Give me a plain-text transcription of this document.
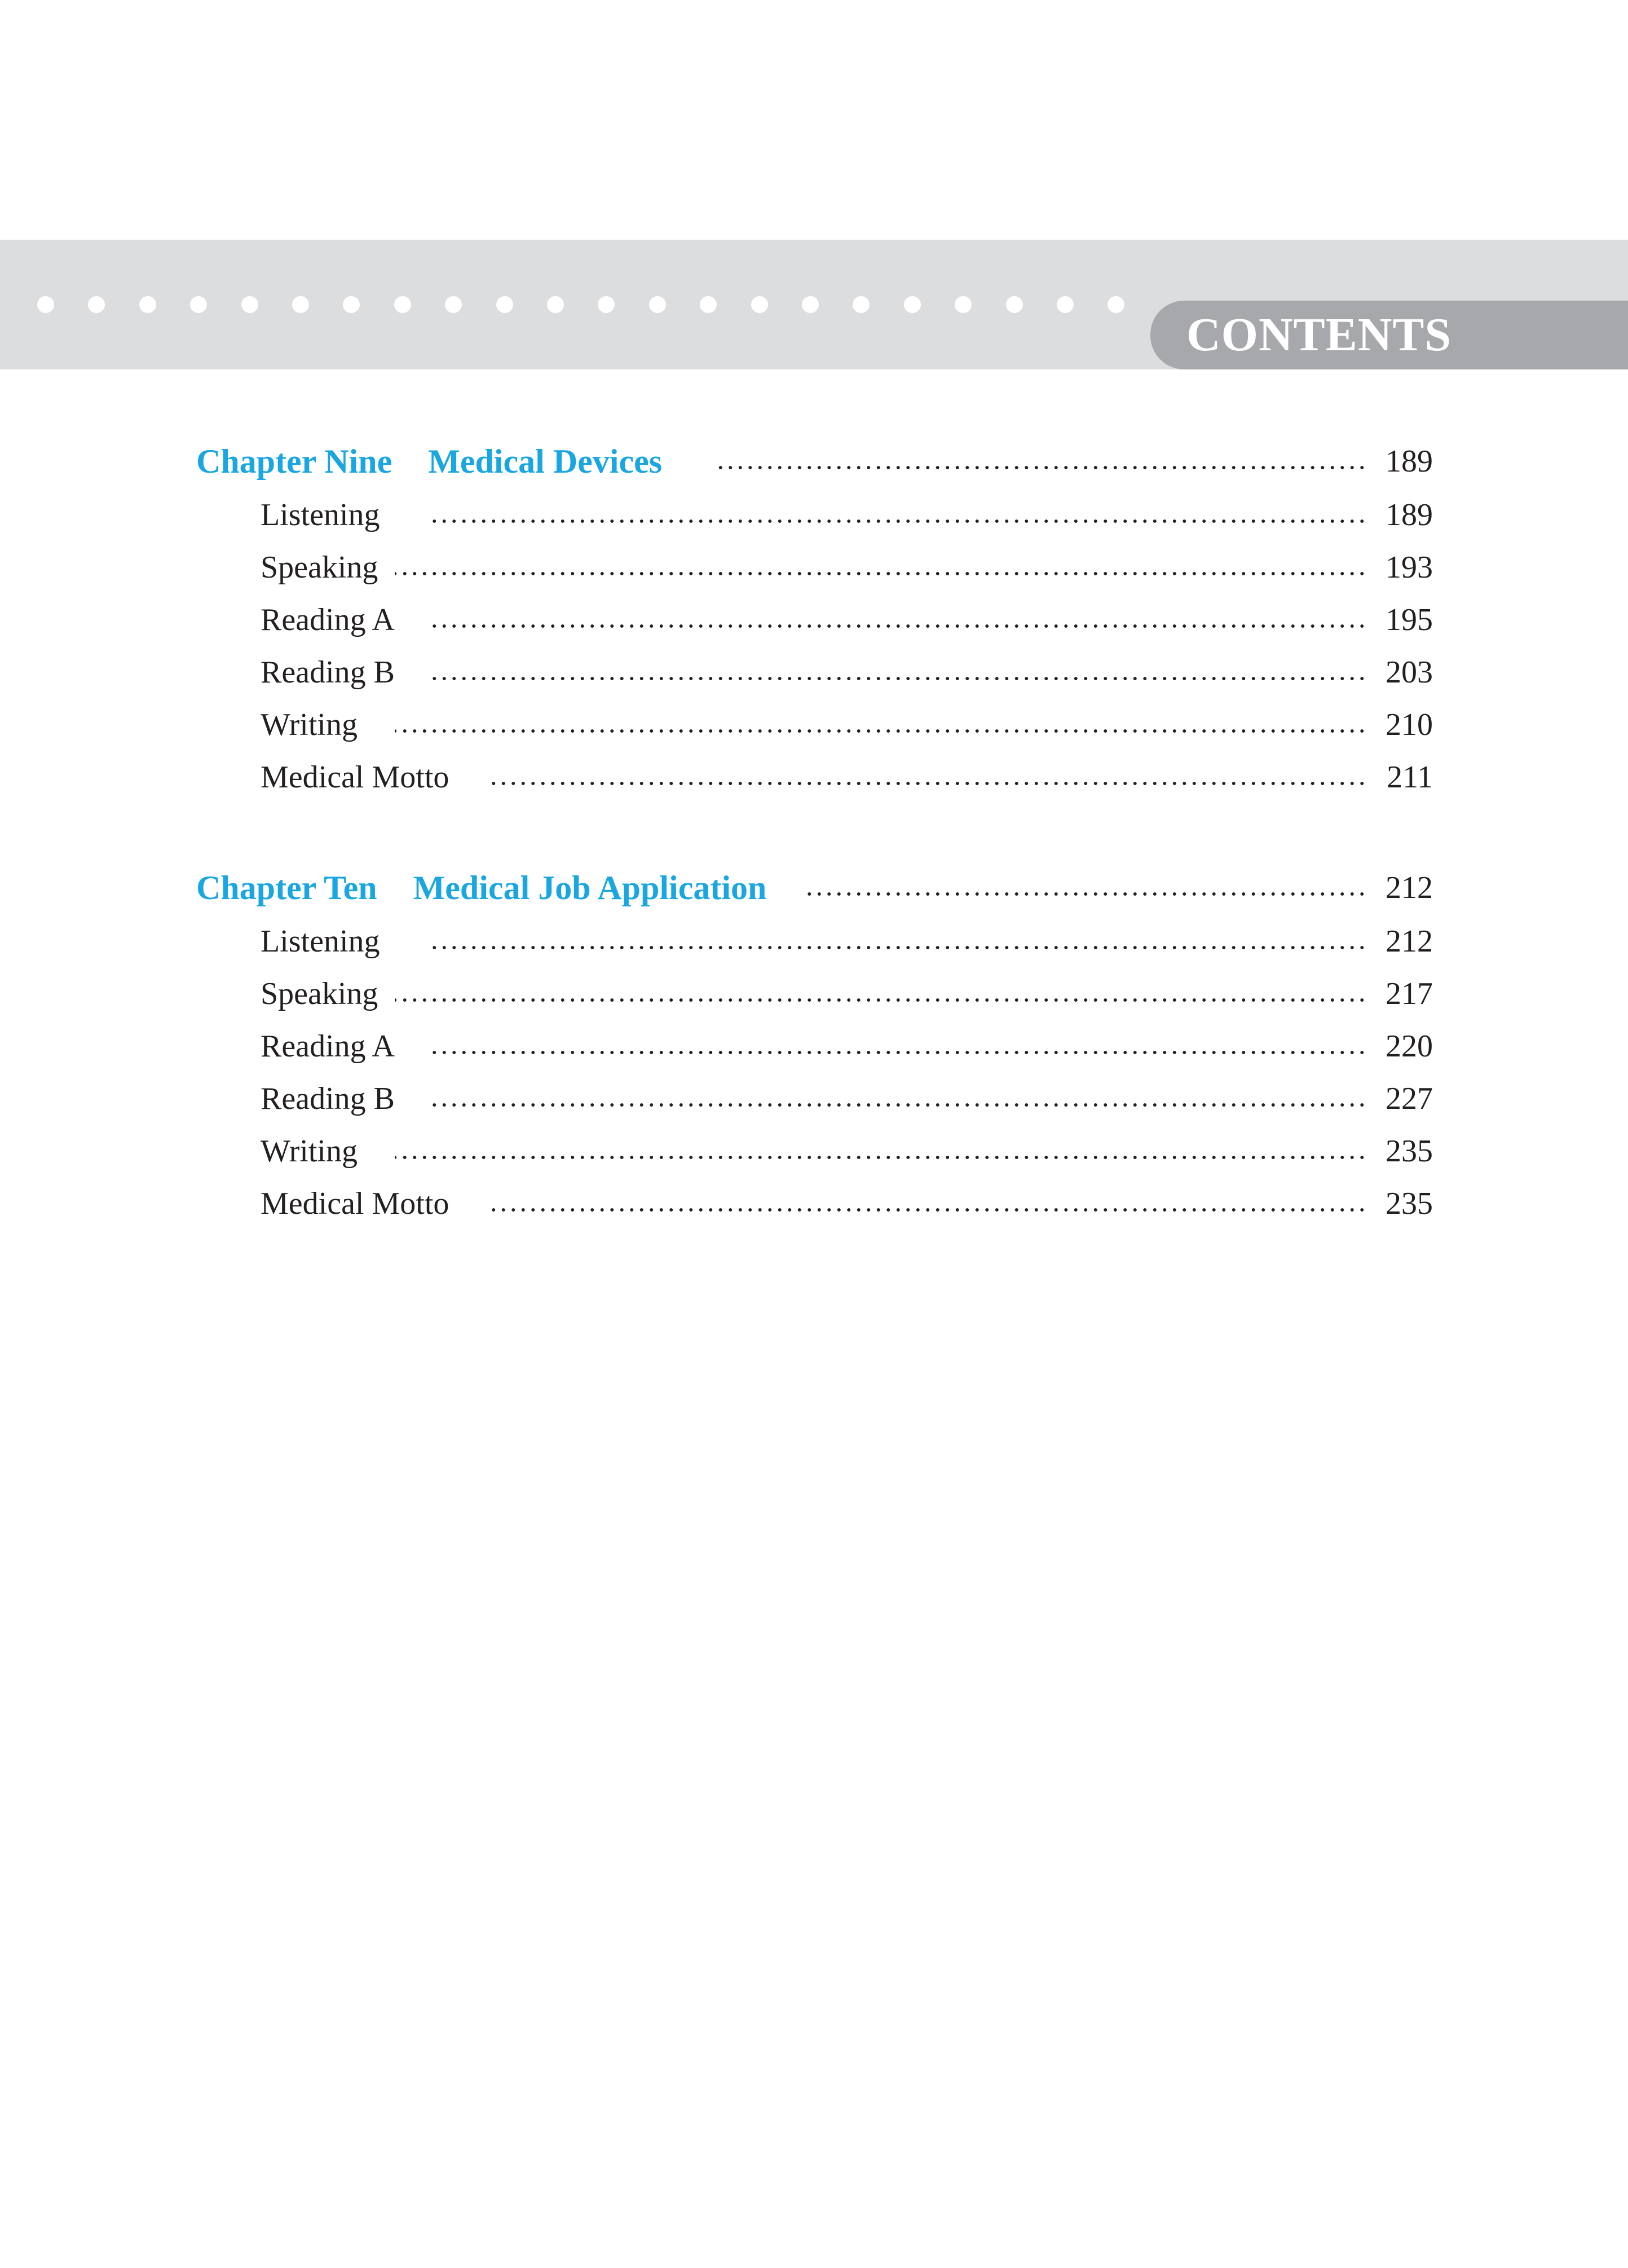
CONTENTS
Chapter Nine Medical Devices	189
Listening	189
Speaking	193
Reading A	195
Reading B	203
Writing	210
Medical Motto	211
Chapter Ten Medical Job Application	212
Listening	212
Speaking	217
Reading A	220
Reading B	227
Writing	235
Medical Motto	235
